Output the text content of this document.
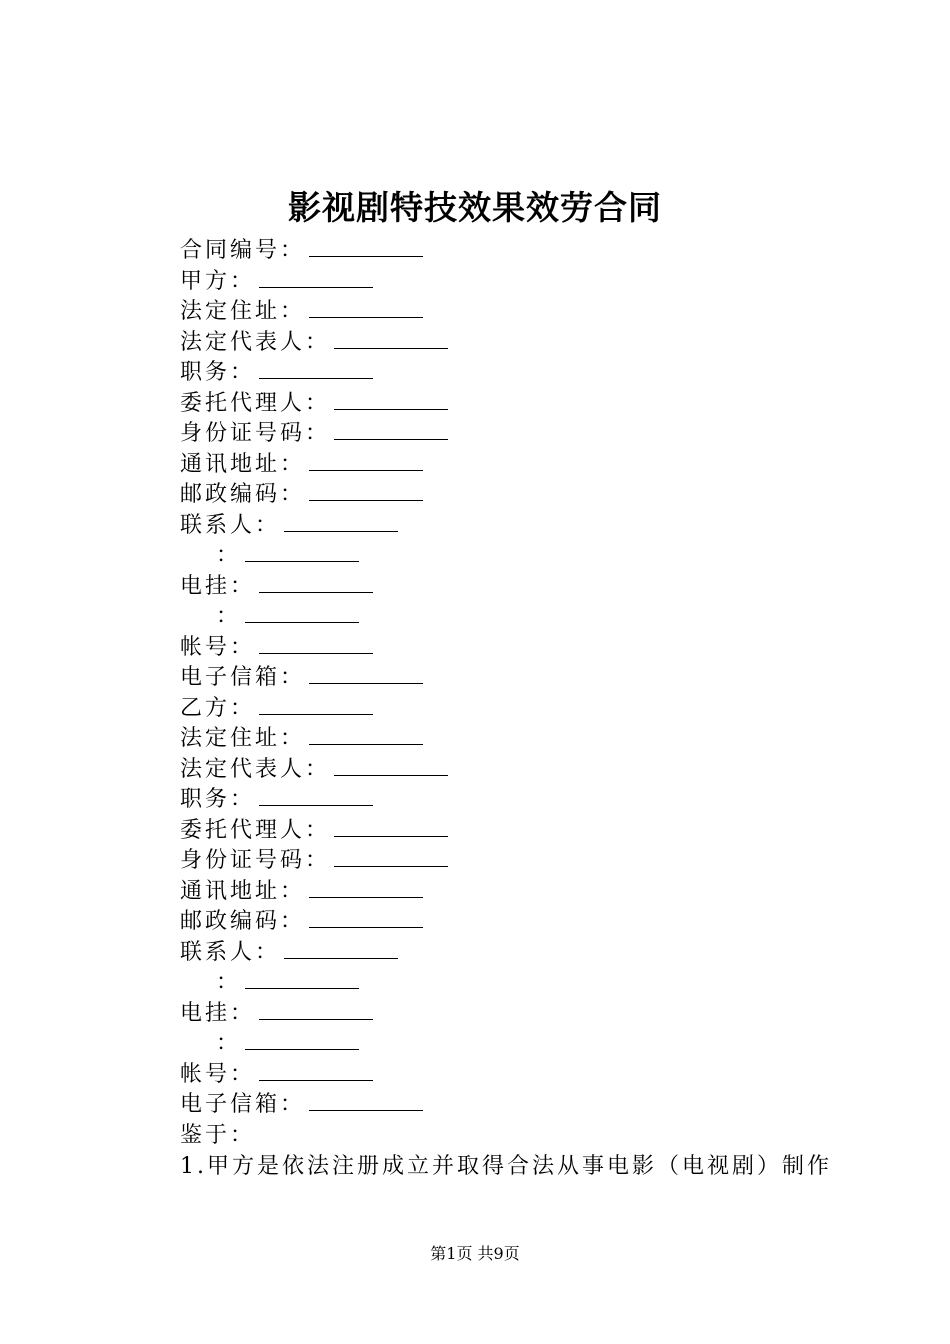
影视剧特技效果效劳合同
合同编号：
甲方：
法定住址：
法定代表人：
职务：
委托代理人：
身份证号码：
通讯地址：
邮政编码：
联系人：
：
电挂：
：
帐号：
电子信箱：
乙方：
法定住址：
法定代表人：
职务：
委托代理人：
身份证号码：
通讯地址：
邮政编码：
联系人：
：
电挂：
：
帐号：
电子信箱：
鉴于：
1.甲方是依法注册成立并取得合法从事电影（电视剧）制作
第1页 共9页
